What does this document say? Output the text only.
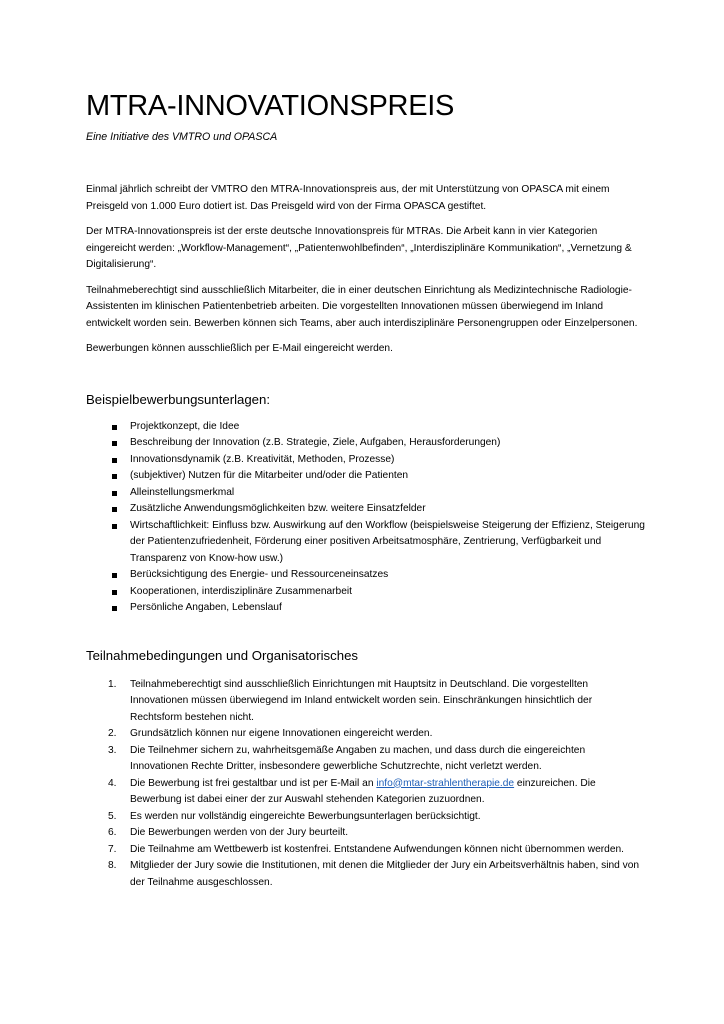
MTRA-INNOVATIONSPREIS

Eine Initiative des VMTRO und OPASCA

Einmal jährlich schreibt der VMTRO den MTRA-Innovationspreis aus, der mit Unterstützung von OPASCA mit einem Preisgeld von 1.000 Euro dotiert ist. Das Preisgeld wird von der Firma OPASCA gestiftet.

Der MTRA-Innovationspreis ist der erste deutsche Innovationspreis für MTRAs. Die Arbeit kann in vier Kategorien eingereicht werden: „Workflow-Management“, „Patientenwohlbefinden“, „Interdisziplinäre Kommunikation“, „Vernetzung & Digitalisierung“.

Teilnahmeberechtigt sind ausschließlich Mitarbeiter, die in einer deutschen Einrichtung als Medizintechnische Radiologie-Assistenten im klinischen Patientenbetrieb arbeiten. Die vorgestellten Innovationen müssen überwiegend im Inland entwickelt worden sein. Bewerben können sich Teams, aber auch interdisziplinäre Personengruppen oder Einzelpersonen.

Bewerbungen können ausschließlich per E-Mail eingereicht werden.

Beispielbewerbungsunterlagen:
Projektkonzept, die Idee
Beschreibung der Innovation (z.B. Strategie, Ziele, Aufgaben, Herausforderungen)
Innovationsdynamik (z.B. Kreativität, Methoden, Prozesse)
(subjektiver) Nutzen für die Mitarbeiter und/oder die Patienten
Alleinstellungsmerkmal
Zusätzliche Anwendungsmöglichkeiten bzw. weitere Einsatzfelder
Wirtschaftlichkeit: Einfluss bzw. Auswirkung auf den Workflow (beispielsweise Steigerung der Effizienz, Steigerung der Patientenzufriedenheit, Förderung einer positiven Arbeitsatmosphäre, Zentrierung, Verfügbarkeit und Transparenz von Know-how usw.)
Berücksichtigung des Energie- und Ressourceneinsatzes
Kooperationen, interdisziplinäre Zusammenarbeit
Persönliche Angaben, Lebenslauf
Teilnahmebedingungen und Organisatorisches
1. Teilnahmeberechtigt sind ausschließlich Einrichtungen mit Hauptsitz in Deutschland. Die vorgestellten Innovationen müssen überwiegend im Inland entwickelt worden sein. Einschränkungen hinsichtlich der Rechtsform bestehen nicht.
2. Grundsätzlich können nur eigene Innovationen eingereicht werden.
3. Die Teilnehmer sichern zu, wahrheitsgemäße Angaben zu machen, und dass durch die eingereichten Innovationen Rechte Dritter, insbesondere gewerbliche Schutzrechte, nicht verletzt werden.
4. Die Bewerbung ist frei gestaltbar und ist per E-Mail an info@mtar-strahlentherapie.de einzureichen. Die Bewerbung ist dabei einer der zur Auswahl stehenden Kategorien zuzuordnen.
5. Es werden nur vollständig eingereichte Bewerbungsunterlagen berücksichtigt.
6. Die Bewerbungen werden von der Jury beurteilt.
7. Die Teilnahme am Wettbewerb ist kostenfrei. Entstandene Aufwendungen können nicht übernommen werden.
8. Mitglieder der Jury sowie die Institutionen, mit denen die Mitglieder der Jury ein Arbeitsverhältnis haben, sind von der Teilnahme ausgeschlossen.
